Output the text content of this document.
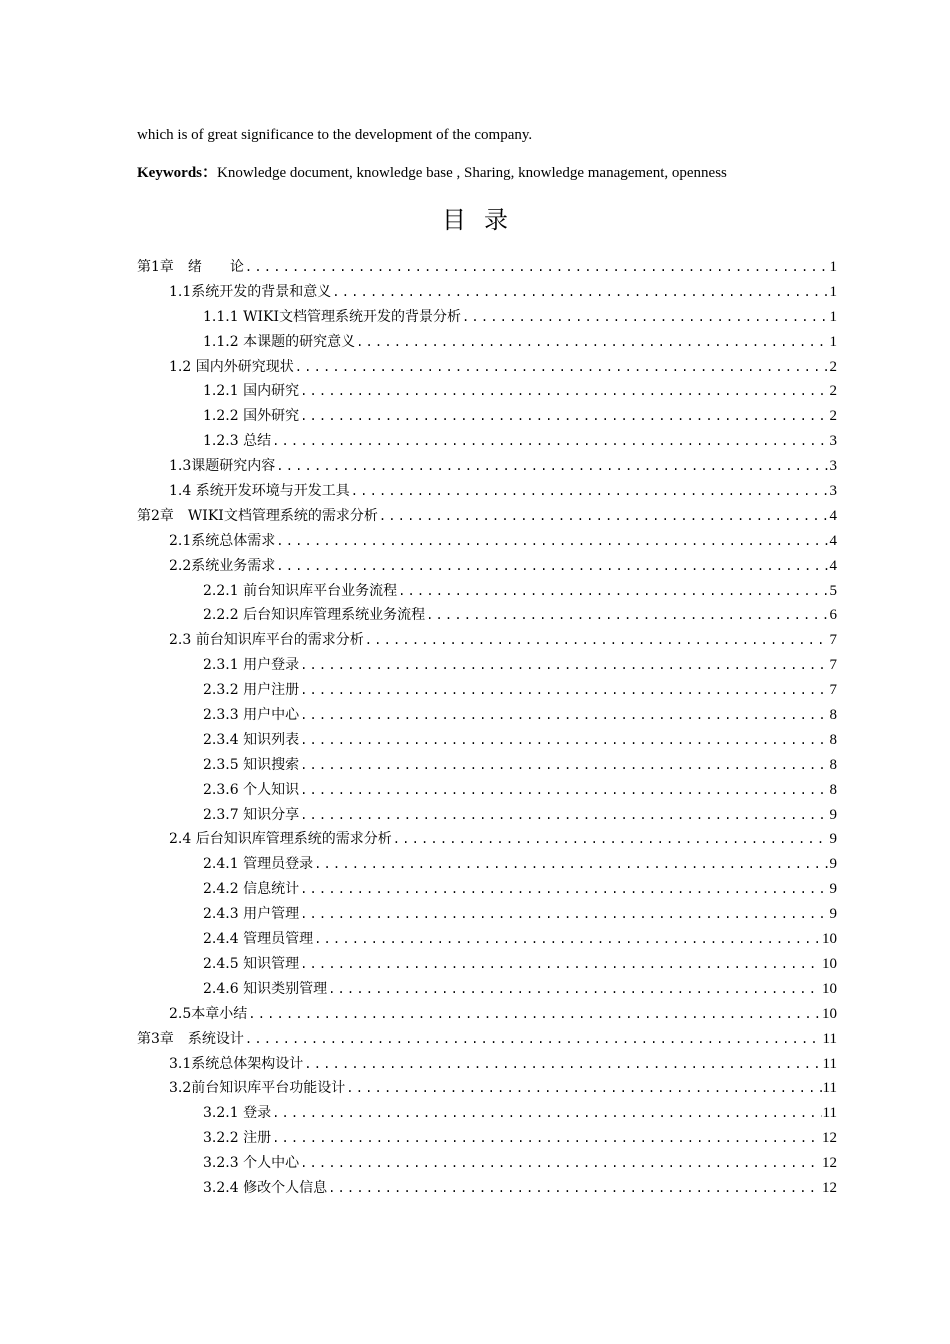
which is of great significance to the development of the company.
Keywords：Knowledge document, knowledge base , Sharing, knowledge management, openness
目录
第1章　绪　　论 .....	1
1.1系统开发的背景和意义 .....	1
1.1.1 WIKI文档管理系统开发的背景分析 .....	1
1.1.2 本课题的研究意义 .....	1
1.2 国内外研究现状 .....	2
1.2.1 国内研究 .....	2
1.2.2 国外研究 .....	2
1.2.3 总结 .....	3
1.3课题研究内容 .....	3
1.4 系统开发环境与开发工具 .....	3
第2章　WIKI文档管理系统的需求分析 .....	4
2.1系统总体需求 .....	4
2.2系统业务需求 .....	4
2.2.1 前台知识库平台业务流程 .....	5
2.2.2 后台知识库管理系统业务流程 .....	6
2.3 前台知识库平台的需求分析 .....	7
2.3.1 用户登录 .....	7
2.3.2 用户注册 .....	7
2.3.3 用户中心 .....	8
2.3.4 知识列表 .....	8
2.3.5 知识搜索 .....	8
2.3.6 个人知识 .....	8
2.3.7 知识分享 .....	9
2.4 后台知识库管理系统的需求分析 .....	9
2.4.1 管理员登录 .....	9
2.4.2 信息统计 .....	9
2.4.3 用户管理 .....	9
2.4.4 管理员管理 .....	10
2.4.5 知识管理 .....	10
2.4.6 知识类别管理 .....	10
2.5本章小结 .....	10
第3章　系统设计 .....	11
3.1系统总体架构设计 .....	11
3.2前台知识库平台功能设计 .....	11
3.2.1 登录 .....	11
3.2.2 注册 .....	12
3.2.3 个人中心 .....	12
3.2.4 修改个人信息 .....	12
